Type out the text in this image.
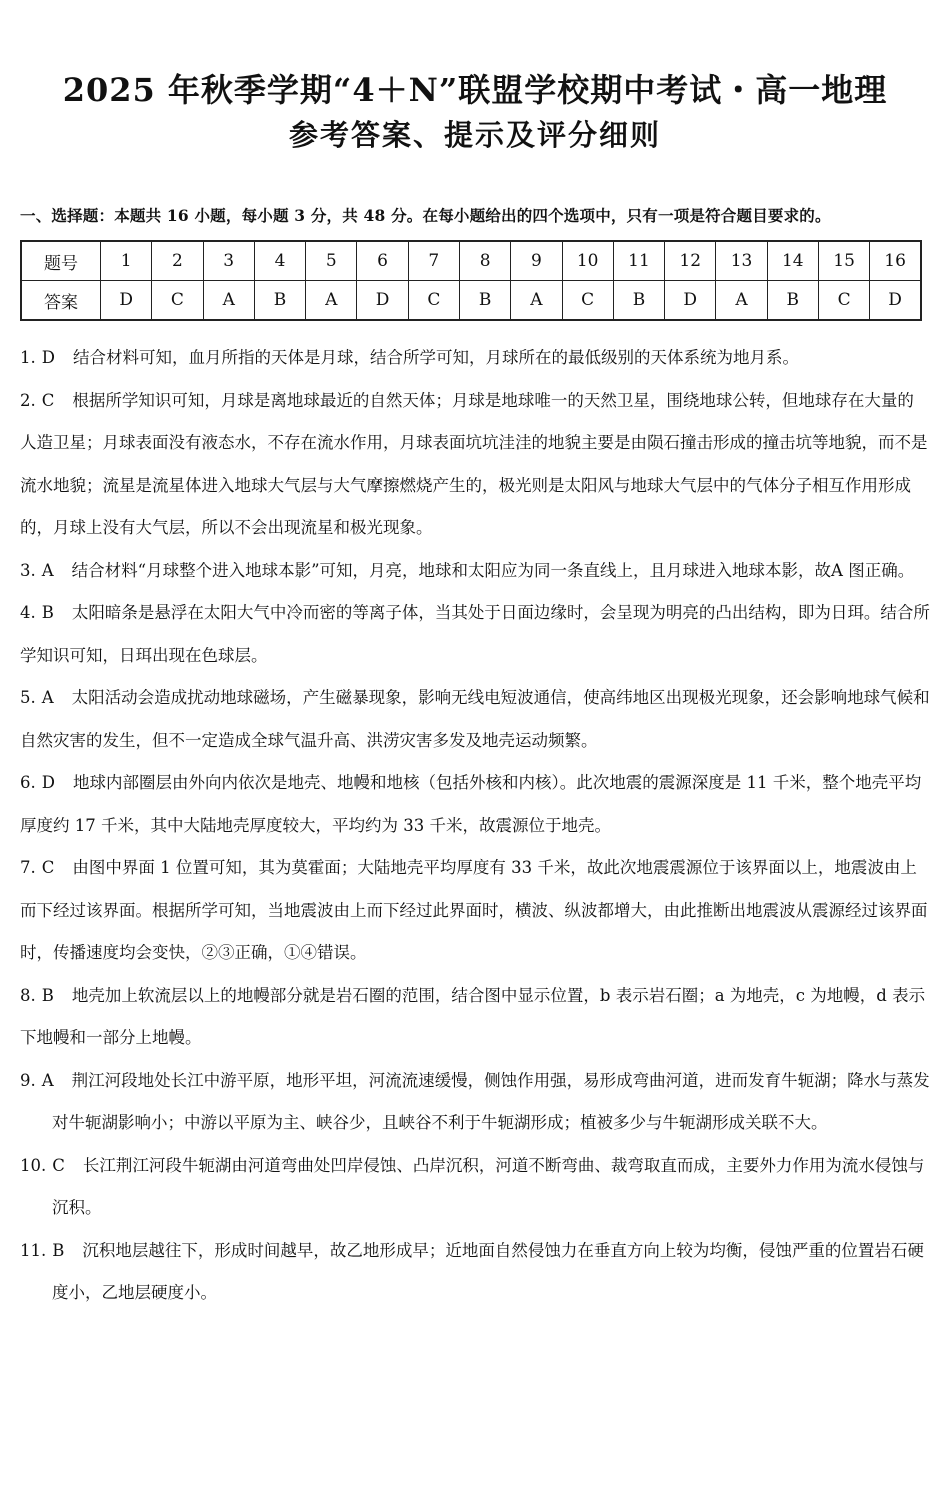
2025 年秋季学期“4＋N”联盟学校期中考试・高一地理
参考答案、提示及评分细则
一、选择题：本题共 16 小题，每小题 3 分，共 48 分。在每小题给出的四个选项中，只有一项是符合题目要求的。
题号	1	2	3	4	5	6	7	8	9	10	11	12	13	14	15	16
答案	D	C	A	B	A	D	C	B	A	C	B	D	A	B	C	D
1. D 结合材料可知，血月所指的天体是月球，结合所学可知，月球所在的最低级别的天体系统为地月系。
2. C 根据所学知识可知，月球是离地球最近的自然天体；月球是地球唯一的天然卫星，围绕地球公转，但地球存在大量的人造卫星；月球表面没有液态水，不存在流水作用，月球表面坑坑洼洼的地貌主要是由陨石撞击形成的撞击坑等地貌，而不是流水地貌；流星是流星体进入地球大气层与大气摩擦燃烧产生的，极光则是太阳风与地球大气层中的气体分子相互作用形成的，月球上没有大气层，所以不会出现流星和极光现象。
3. A 结合材料“月球整个进入地球本影”可知，月亮，地球和太阳应为同一条直线上，且月球进入地球本影，故A 图正确。
4. B 太阳暗条是悬浮在太阳大气中冷而密的等离子体，当其处于日面边缘时，会呈现为明亮的凸出结构，即为日珥。结合所学知识可知，日珥出现在色球层。
5. A 太阳活动会造成扰动地球磁场，产生磁暴现象，影响无线电短波通信，使高纬地区出现极光现象，还会影响地球气候和自然灾害的发生，但不一定造成全球气温升高、洪涝灾害多发及地壳运动频繁。
6. D 地球内部圈层由外向内依次是地壳、地幔和地核（包括外核和内核）。此次地震的震源深度是 11 千米，整个地壳平均厚度约 17 千米，其中大陆地壳厚度较大，平均约为 33 千米，故震源位于地壳。
7. C 由图中界面 1 位置可知，其为莫霍面；大陆地壳平均厚度有 33 千米，故此次地震震源位于该界面以上，地震波由上而下经过该界面。根据所学可知，当地震波由上而下经过此界面时，横波、纵波都增大，由此推断出地震波从震源经过该界面时，传播速度均会变快，②③正确，①④错误。
8. B 地壳加上软流层以上的地幔部分就是岩石圈的范围，结合图中显示位置，b 表示岩石圈；a 为地壳，c 为地幔，d 表示下地幔和一部分上地幔。
9. A 荆江河段地处长江中游平原，地形平坦，河流流速缓慢，侧蚀作用强，易形成弯曲河道，进而发育牛轭湖；降水与蒸发对牛轭湖影响小；中游以平原为主、峡谷少，且峡谷不利于牛轭湖形成；植被多少与牛轭湖形成关联不大。
10. C 长江荆江河段牛轭湖由河道弯曲处凹岸侵蚀、凸岸沉积，河道不断弯曲、裁弯取直而成，主要外力作用为流水侵蚀与沉积。
11. B 沉积地层越往下，形成时间越早，故乙地形成早；近地面自然侵蚀力在垂直方向上较为均衡，侵蚀严重的位置岩石硬度小，乙地层硬度小。
